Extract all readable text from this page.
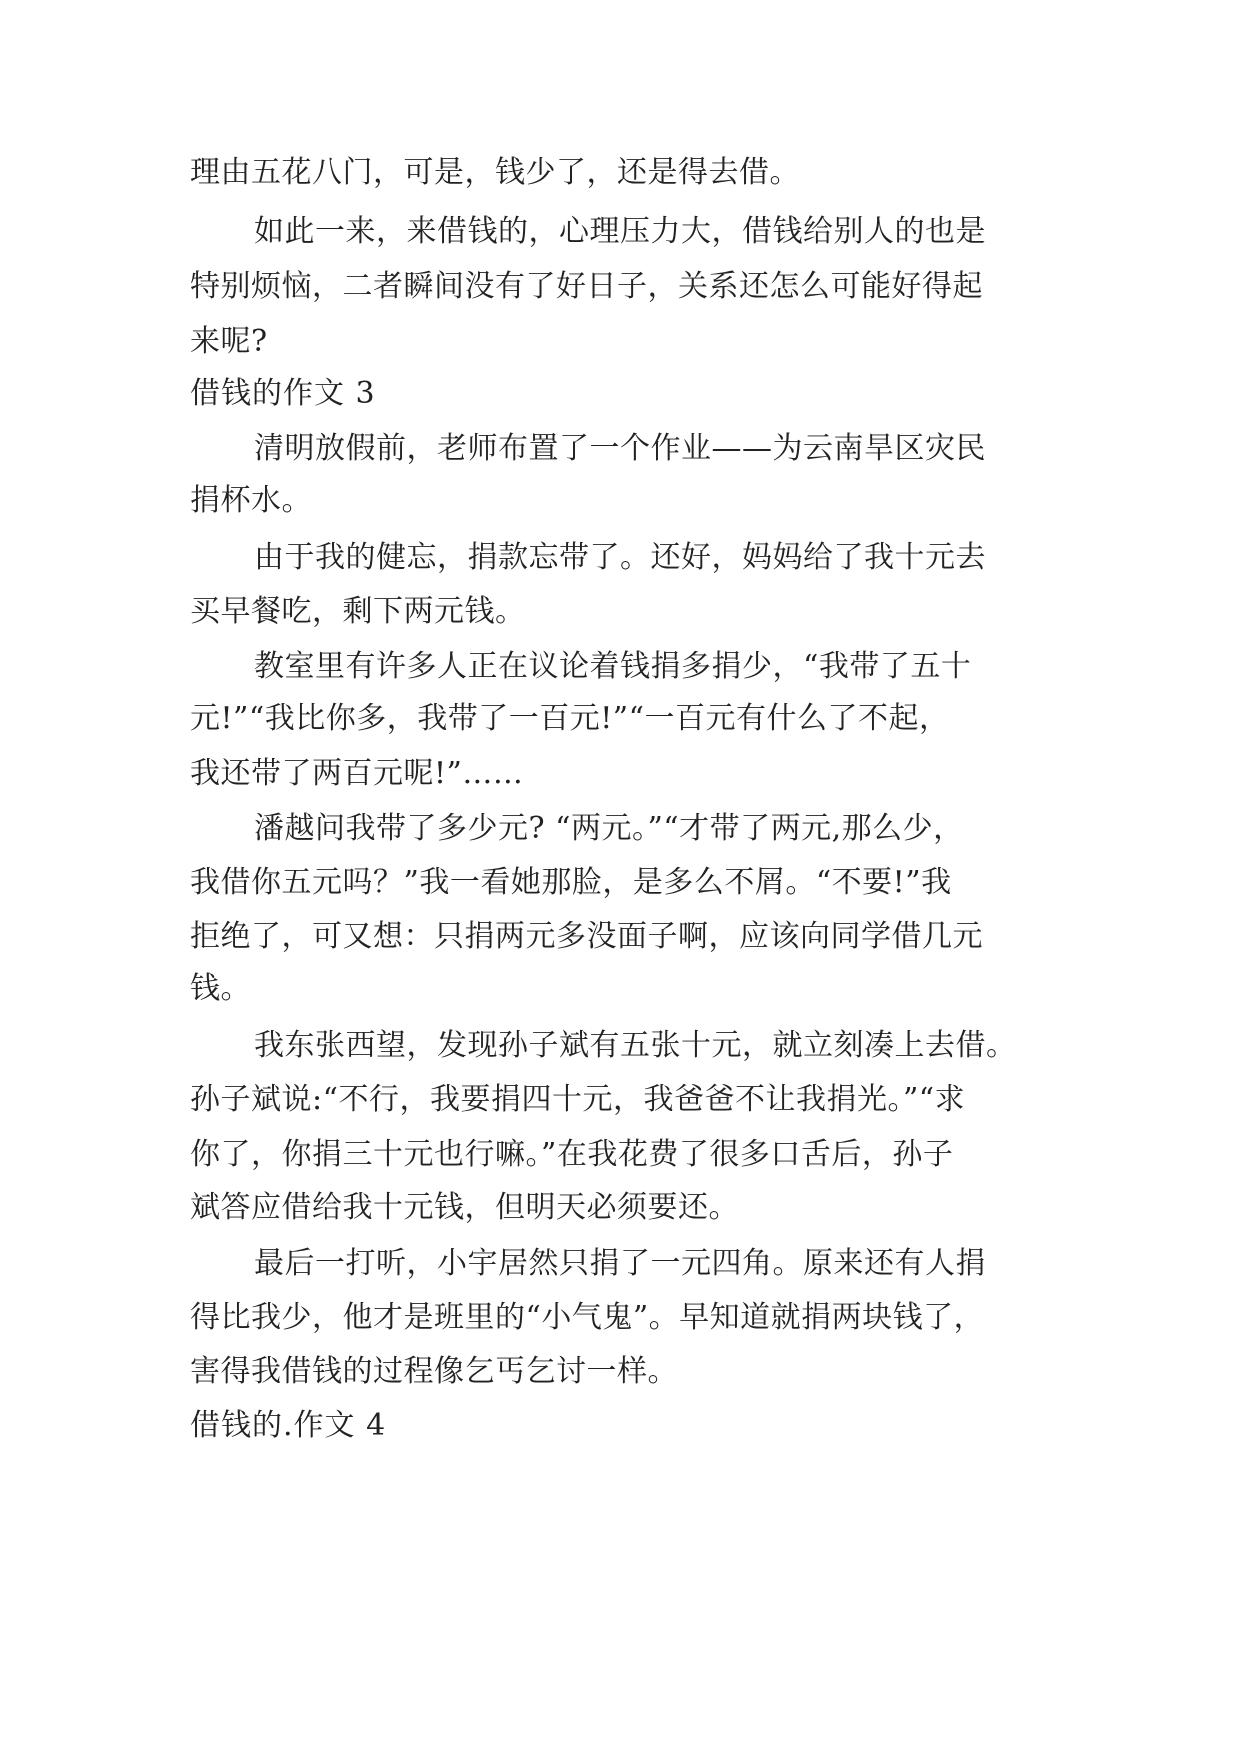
理由五花八门，可是，钱少了，还是得去借。

如此一来，来借钱的，心理压力大，借钱给别人的也是

特别烦恼，二者瞬间没有了好日子，关系还怎么可能好得起

来呢?

借钱的作文 3

清明放假前，老师布置了一个作业——为云南旱区灾民

捐杯水。

由于我的健忘，捐款忘带了。还好，妈妈给了我十元去

买早餐吃，剩下两元钱。

教室里有许多人正在议论着钱捐多捐少，“我带了五十

元!”“我比你多，我带了一百元!”“一百元有什么了不起，

我还带了两百元呢!”……

潘越问我带了多少元? “两元。”“才带了两元,那么少，

我借你五元吗？”我一看她那脸，是多么不屑。“不要!”我

拒绝了，可又想：只捐两元多没面子啊，应该向同学借几元

钱。

我东张西望，发现孙子斌有五张十元，就立刻凑上去借。

孙子斌说:“不行，我要捐四十元，我爸爸不让我捐光。”“求

你了，你捐三十元也行嘛。”在我花费了很多口舌后，孙子

斌答应借给我十元钱，但明天必须要还。

最后一打听，小宇居然只捐了一元四角。原来还有人捐

得比我少，他才是班里的“小气鬼”。早知道就捐两块钱了，

害得我借钱的过程像乞丐乞讨一样。

借钱的.作文 4
